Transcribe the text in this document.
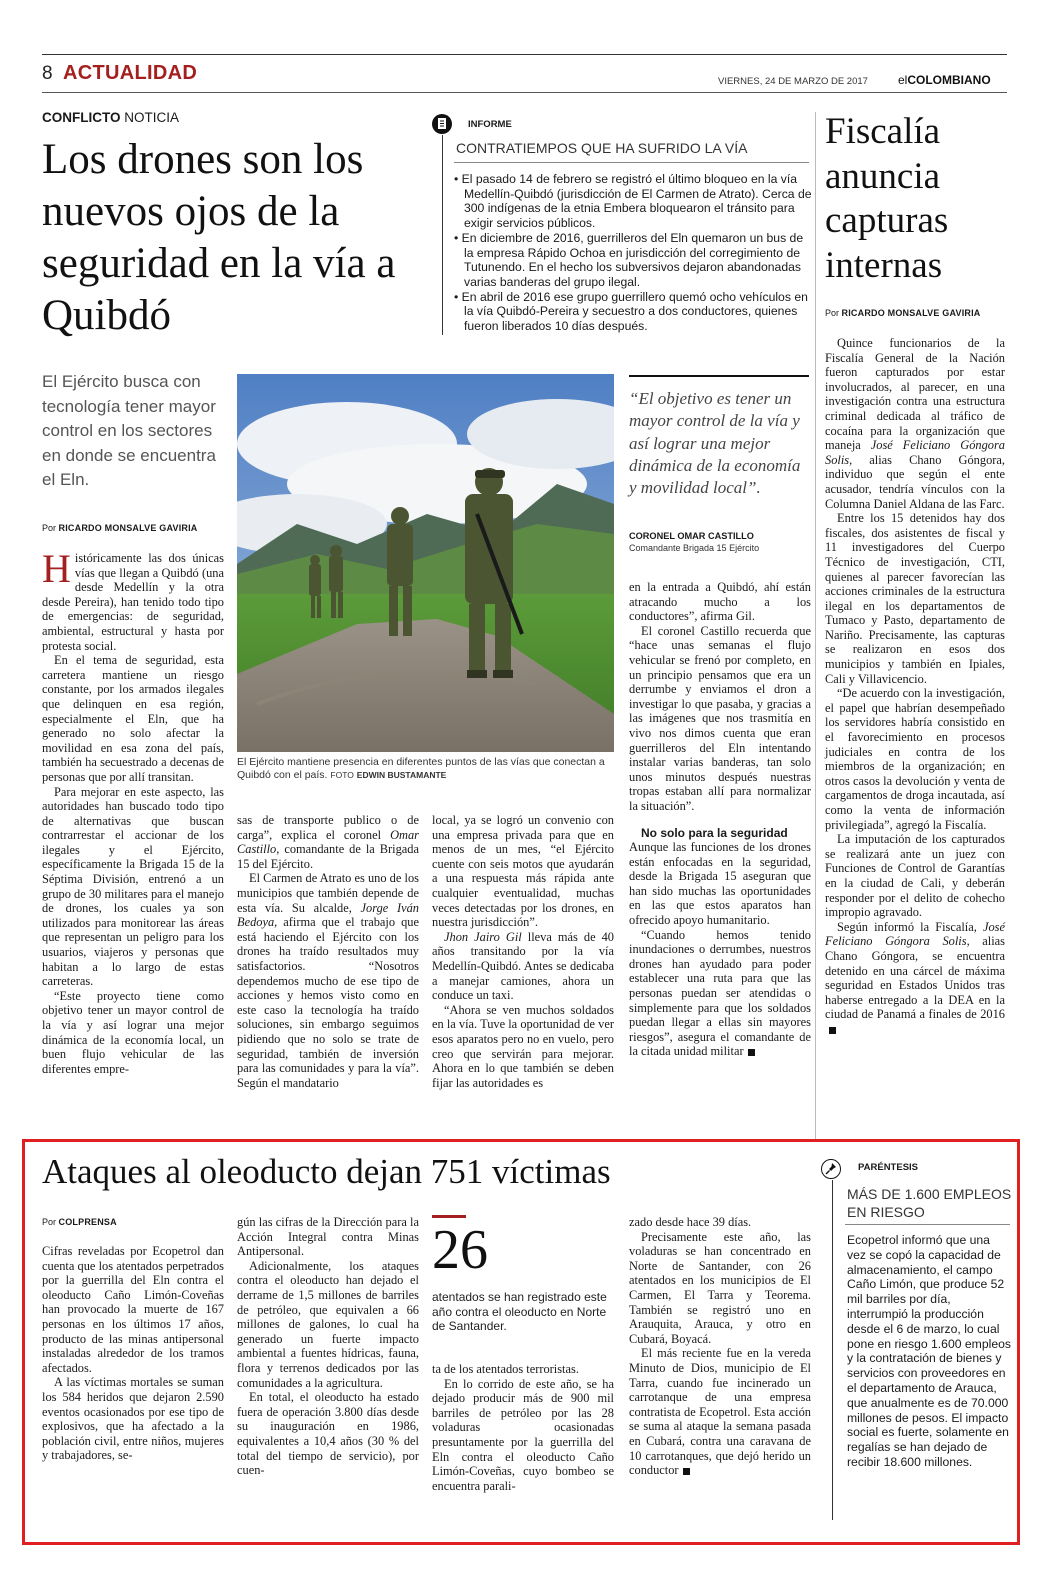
8 ACTUALIDAD	VIERNES, 24 DE MARZO DE 2017	elCOLOMBIANO
CONFLICTO NOTICIA
Los drones son los nuevos ojos de la seguridad en la vía a Quibdó
El Ejército busca con tecnología tener mayor control en los sectores en donde se encuentra el Eln.
Por RICARDO MONSALVE GAVIRIA
El Ejército mantiene presencia en diferentes puntos de las vías que conectan a Quibdó con el país. FOTO EDWIN BUSTAMANTE
“El objetivo es tener un mayor control de la vía y así lograr una mejor dinámica de la economía y movilidad local”.
CORONEL OMAR CASTILLO
Comandante Brigada 15 Ejército
H istóricamente las dos únicas vías que llegan a Quibdó (una desde Medellín y la otra desde Pereira), han tenido todo tipo de emergencias: de seguridad, ambiental, estructural y hasta por protesta social.

En el tema de seguridad, esta carretera mantiene un riesgo constante, por los armados ilegales que delinquen en esa región, especialmente el Eln, que ha generado no solo afectar la movilidad en esa zona del país, también ha secuestrado a decenas de personas que por allí transitan.

Para mejorar en este aspecto, las autoridades han buscado todo tipo de alternativas que buscan contrarrestar el accionar de los ilegales y el Ejército, específicamente la Brigada 15 de la Séptima División, entrenó a un grupo de 30 militares para el manejo de drones, los cuales ya son utilizados para monitorear las áreas que representan un peligro para los usuarios, viajeros y personas que habitan a lo largo de estas carreteras.

“Este proyecto tiene como objetivo tener un mayor control de la vía y así lograr una mejor dinámica de la economía local, un buen flujo vehicular de las diferentes empre-

sas de transporte publico o de carga”, explica el coronel Omar Castillo, comandante de la Brigada 15 del Ejército.

El Carmen de Atrato es uno de los municipios que también depende de esta vía. Su alcalde, Jorge Iván Bedoya, afirma que el trabajo que está haciendo el Ejército con los drones ha traído resultados muy satisfactorios. “Nosotros dependemos mucho de ese tipo de acciones y hemos visto como en este caso la tecnología ha traído soluciones, sin embargo seguimos pidiendo que no solo se trate de seguridad, también de inversión para las comunidades y para la vía”. Según el mandatario

local, ya se logró un convenio con una empresa privada para que en menos de un mes, “el Ejército cuente con seis motos que ayudarán a una respuesta más rápida ante cualquier eventualidad, muchas veces detectadas por los drones, en nuestra jurisdicción”.

Jhon Jairo Gil lleva más de 40 años transitando por la vía Medellín-Quibdó. Antes se dedicaba a manejar camiones, ahora un conduce un taxi.

“Ahora se ven muchos soldados en la vía. Tuve la oportunidad de ver esos aparatos pero no en vuelo, pero creo que servirán para mejorar. Ahora en lo que también se deben fijar las autoridades es

en la entrada a Quibdó, ahí están atracando mucho a los conductores”, afirma Gil.

El coronel Castillo recuerda que “hace unas semanas el flujo vehicular se frenó por completo, en un principio pensamos que era un derrumbe y enviamos el dron a investigar lo que pasaba, y gracias a las imágenes que nos trasmitía en vivo nos dimos cuenta que eran guerrilleros del Eln intentando instalar varias banderas, tan solo unos minutos después nuestras tropas estaban allí para normalizar la situación”.

No solo para la seguridad

Aunque las funciones de los drones están enfocadas en la seguridad, desde la Brigada 15 aseguran que han sido muchas las oportunidades en las que estos aparatos han ofrecido apoyo humanitario.

“Cuando hemos tenido inundaciones o derrumbes, nuestros drones han ayudado para poder establecer una ruta para que las personas puedan ser atendidas o simplemente para que los soldados puedan llegar a ellas sin mayores riesgos”, asegura el comandante de la citada unidad militar

INFORME
CONTRATIEMPOS QUE HA SUFRIDO LA VÍA
• El pasado 14 de febrero se registró el último bloqueo en la vía Medellín-Quibdó (jurisdicción de El Carmen de Atrato). Cerca de 300 indígenas de la etnia Embera bloquearon el tránsito para exigir servicios públicos.
• En diciembre de 2016, guerrilleros del Eln quemaron un bus de la empresa Rápido Ochoa en jurisdicción del corregimiento de Tutunendo. En el hecho los subversivos dejaron abandonadas varias banderas del grupo ilegal.
• En abril de 2016 ese grupo guerrillero quemó ocho vehículos en la vía Quibdó-Pereira y secuestro a dos conductores, quienes fueron liberados 10 días después.
Fiscalía anuncia capturas internas
Por RICARDO MONSALVE GAVIRIA

Quince funcionarios de la Fiscalía General de la Nación fueron capturados por estar involucrados, al parecer, en una investigación contra una estructura criminal dedicada al tráfico de cocaína para la organización que maneja José Feliciano Góngora Solis, alias Chano Góngora, individuo que según el ente acusador, tendría vínculos con la Columna Daniel Aldana de las Farc.

Entre los 15 detenidos hay dos fiscales, dos asistentes de fiscal y 11 investigadores del Cuerpo Técnico de investigación, CTI, quienes al parecer favorecían las acciones criminales de la estructura ilegal en los departamentos de Tumaco y Pasto, departamento de Nariño. Precisamente, las capturas se realizaron en esos dos municipios y también en Ipiales, Cali y Villavicencio.

“De acuerdo con la investigación, el papel que habrían desempeñado los servidores habría consistido en el favorecimiento en procesos judiciales en contra de los miembros de la organización; en otros casos la devolución y venta de cargamentos de droga incautada, así como la venta de información privilegiada”, agregó la Fiscalía.

La imputación de los capturados se realizará ante un juez con Funciones de Control de Garantías en la ciudad de Cali, y deberán responder por el delito de cohecho impropio agravado.

Según informó la Fiscalía, José Feliciano Góngora Solis, alias Chano Góngora, se encuentra detenido en una cárcel de máxima seguridad en Estados Unidos tras haberse entregado a la DEA en la ciudad de Panamá a finales de 2016

Ataques al oleoducto dejan 751 víctimas
Por COLPRENSA

Cifras reveladas por Ecopetrol dan cuenta que los atentados perpetrados por la guerrilla del Eln contra el oleoducto Caño Limón-Coveñas han provocado la muerte de 167 personas en los últimos 17 años, producto de las minas antipersonal instaladas alrededor de los tramos afectados.

A las víctimas mortales se suman los 584 heridos que dejaron 2.590 eventos ocasionados por ese tipo de explosivos, que ha afectado a la población civil, entre niños, mujeres y trabajadores, se-

gún las cifras de la Dirección para la Acción Integral contra Minas Antipersonal.

Adicionalmente, los ataques contra el oleoducto han dejado el derrame de 1,5 millones de barriles de petróleo, que equivalen a 66 millones de galones, lo cual ha generado un fuerte impacto ambiental a fuentes hídricas, fauna, flora y terrenos dedicados por las comunidades a la agricultura.

En total, el oleoducto ha estado fuera de operación 3.800 días desde su inauguración en 1986, equivalentes a 10,4 años (30 % del total del tiempo de servicio), por cuen-

26
atentados se han registrado este año contra el oleoducto en Norte de Santander.

ta de los atentados terroristas.

En lo corrido de este año, se ha dejado producir más de 900 mil barriles de petróleo por las 28 voladuras ocasionadas presuntamente por la guerrilla del Eln contra el oleoducto Caño Limón-Coveñas, cuyo bombeo se encuentra parali-

zado desde hace 39 días.

Precisamente este año, las voladuras se han concentrado en Norte de Santander, con 26 atentados en los municipios de El Carmen, El Tarra y Teorema. También se registró uno en Arauquita, Arauca, y otro en Cubará, Boyacá.

El más reciente fue en la vereda Minuto de Dios, municipio de El Tarra, cuando fue incinerado un carrotanque de una empresa contratista de Ecopetrol. Esta acción se suma al ataque la semana pasada en Cubará, contra una caravana de 10 carrotanques, que dejó herido un conductor

PARÉNTESIS
MÁS DE 1.600 EMPLEOS EN RIESGO
Ecopetrol informó que una vez se copó la capacidad de almacenamiento, el campo Caño Limón, que produce 52 mil barriles por día, interrumpió la producción desde el 6 de marzo, lo cual pone en riesgo 1.600 empleos y la contratación de bienes y servicios con proveedores en el departamento de Arauca, que anualmente es de 70.000 millones de pesos. El impacto social es fuerte, solamente en regalías se han dejado de recibir 18.600 millones.
